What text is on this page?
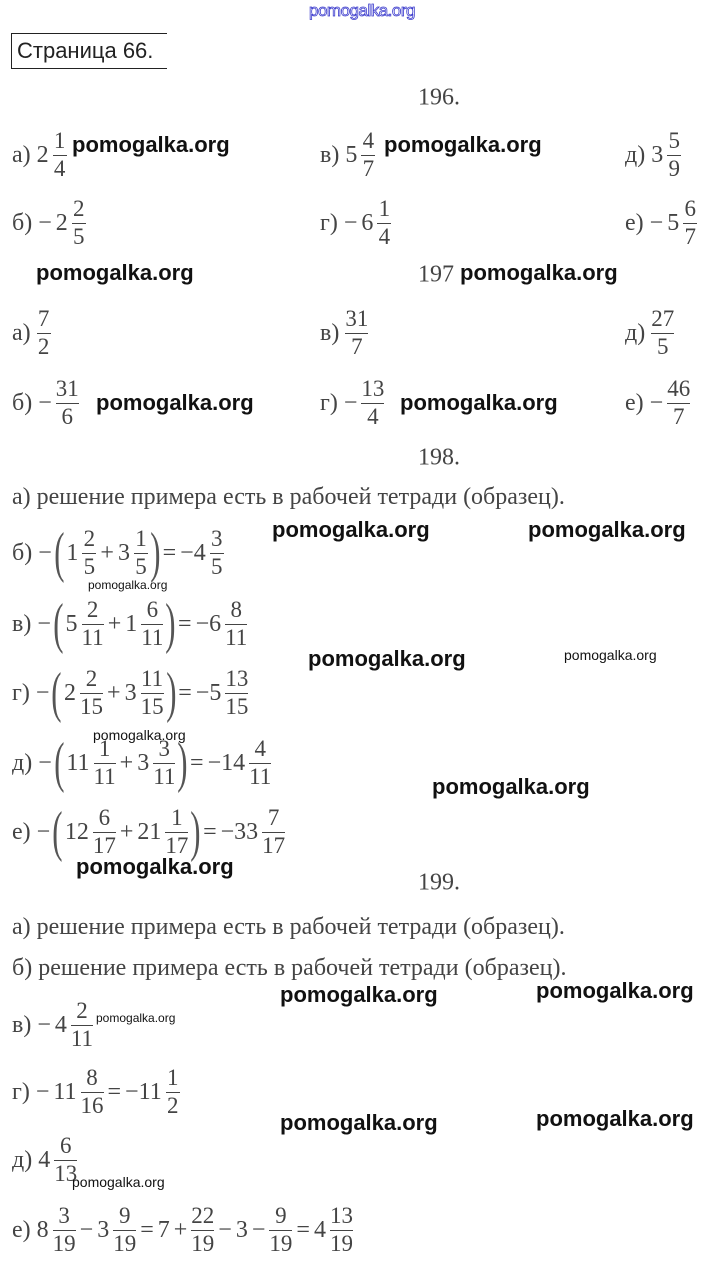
pomogalka.org
Страница 66.
196.
а) $2 \frac{1}{4}$	в) $5 \frac{4}{7}$	д) $3 \frac{5}{9}$
$б) - 2 \frac{2}{5}$	$г) - 6 \frac{1}{4}$	$е) - 5 \frac{6}{7}$
197
$а) \frac{7}{2}$	$в) \frac{31}{7}$	$д) \frac{27}{5}$
$б) - \frac{31}{6}$	$г) - \frac{13}{4}$	$е) - \frac{46}{7}$
198.
а) решение примера есть в рабочей тетради (образец).
б) − ( $1 \frac{2}{5} + 3 \frac{1}{5}$ ) = $-4 \frac{3}{5}$
в) − ( $5 \frac{2}{11} + 1 \frac{6}{11}$ ) = $-6 \frac{8}{11}$
г) − ( $2 \frac{2}{15} + 3 \frac{11}{15}$ ) = $-5 \frac{13}{15}$
д) − ( $11 \frac{1}{11} + 3 \frac{3}{11}$ ) = $-14 \frac{4}{11}$
е) − ( $12 \frac{6}{17} + 21 \frac{1}{17}$ ) = $-33 \frac{7}{17}$
199.
а) решение примера есть в рабочей тетради (образец).
б) решение примера есть в рабочей тетради (образец).
$в) - 4 \frac{2}{11}$
$г) - 11 \frac{8}{16} = -11 \frac{1}{2}$
д) $4 \frac{6}{13}$
е) $8 \frac{3}{19} - 3 \frac{9}{19} = 7 + \frac{22}{19} - 3 - \frac{9}{19} = 4 \frac{13}{19}$
pomogalka.org	pomogalka.org
pomogalka.org	pomogalka.org
pomogalka.org	pomogalka.org
pomogalka.org	pomogalka.org
pomogalka.org
pomogalka.org	pomogalka.org
pomogalka.org
pomogalka.org
pomogalka.org
pomogalka.org	pomogalka.org
pomogalka.org
pomogalka.org	pomogalka.org
pomogalka.org
